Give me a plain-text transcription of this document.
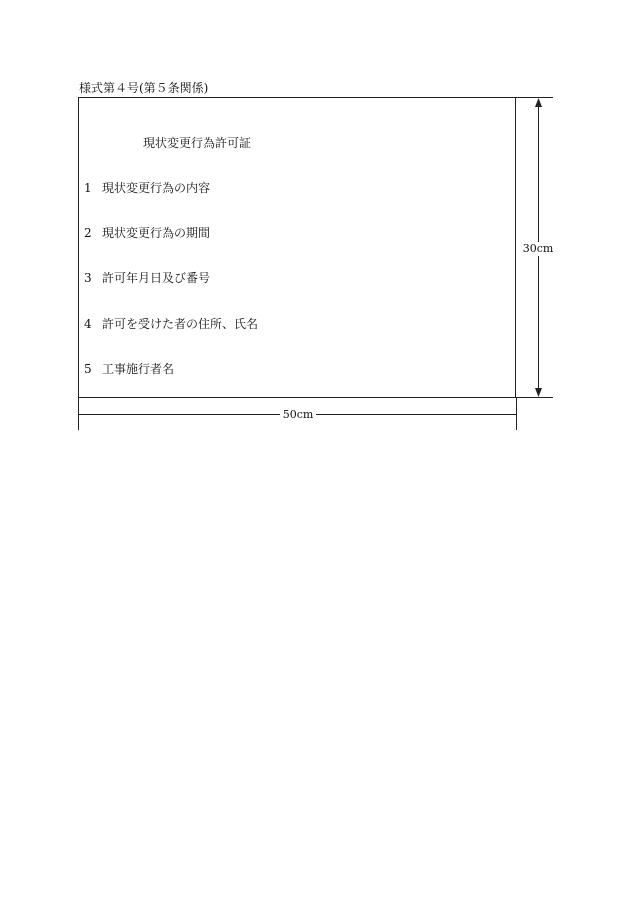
様式第４号(第５条関係)
現状変更行為許可証
1 現状変更行為の内容
2 現状変更行為の期間
3 許可年月日及び番号
4 許可を受けた者の住所、氏名
5 工事施行者名
30cm
50cm
